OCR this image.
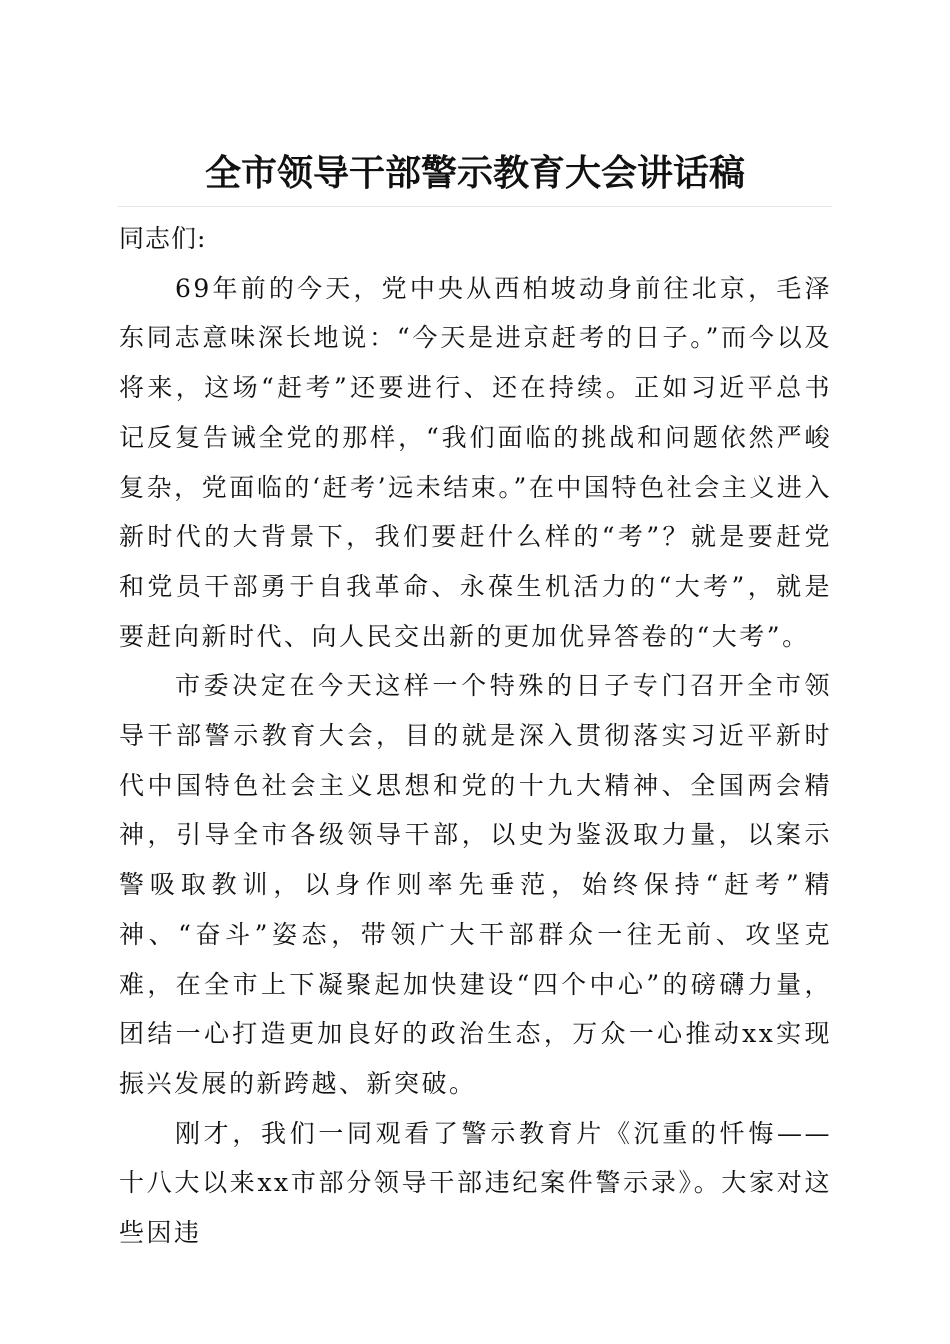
全市领导干部警示教育大会讲话稿

同志们:

69年前的今天，党中央从西柏坡动身前往北京，毛泽东同志意味深长地说：“今天是进京赶考的日子。”而今以及将来，这场“赶考”还要进行、还在持续。正如习近平总书记反复告诫全党的那样，“我们面临的挑战和问题依然严峻复杂，党面临的‘赶考’远未结束。”在中国特色社会主义进入新时代的大背景下，我们要赶什么样的“考”？就是要赶党和党员干部勇于自我革命、永葆生机活力的“大考”，就是要赶向新时代、向人民交出新的更加优异答卷的“大考”。

市委决定在今天这样一个特殊的日子专门召开全市领导干部警示教育大会，目的就是深入贯彻落实习近平新时代中国特色社会主义思想和党的十九大精神、全国两会精神，引导全市各级领导干部，以史为鉴汲取力量，以案示警吸取教训，以身作则率先垂范，始终保持“赶考”精神、“奋斗”姿态，带领广大干部群众一往无前、攻坚克难，在全市上下凝聚起加快建设“四个中心”的磅礴力量，团结一心打造更加良好的政治生态，万众一心推动xx实现振兴发展的新跨越、新突破。

刚才，我们一同观看了警示教育片《沉重的忏悔——十八大以来xx市部分领导干部违纪案件警示录》。大家对这些因违
